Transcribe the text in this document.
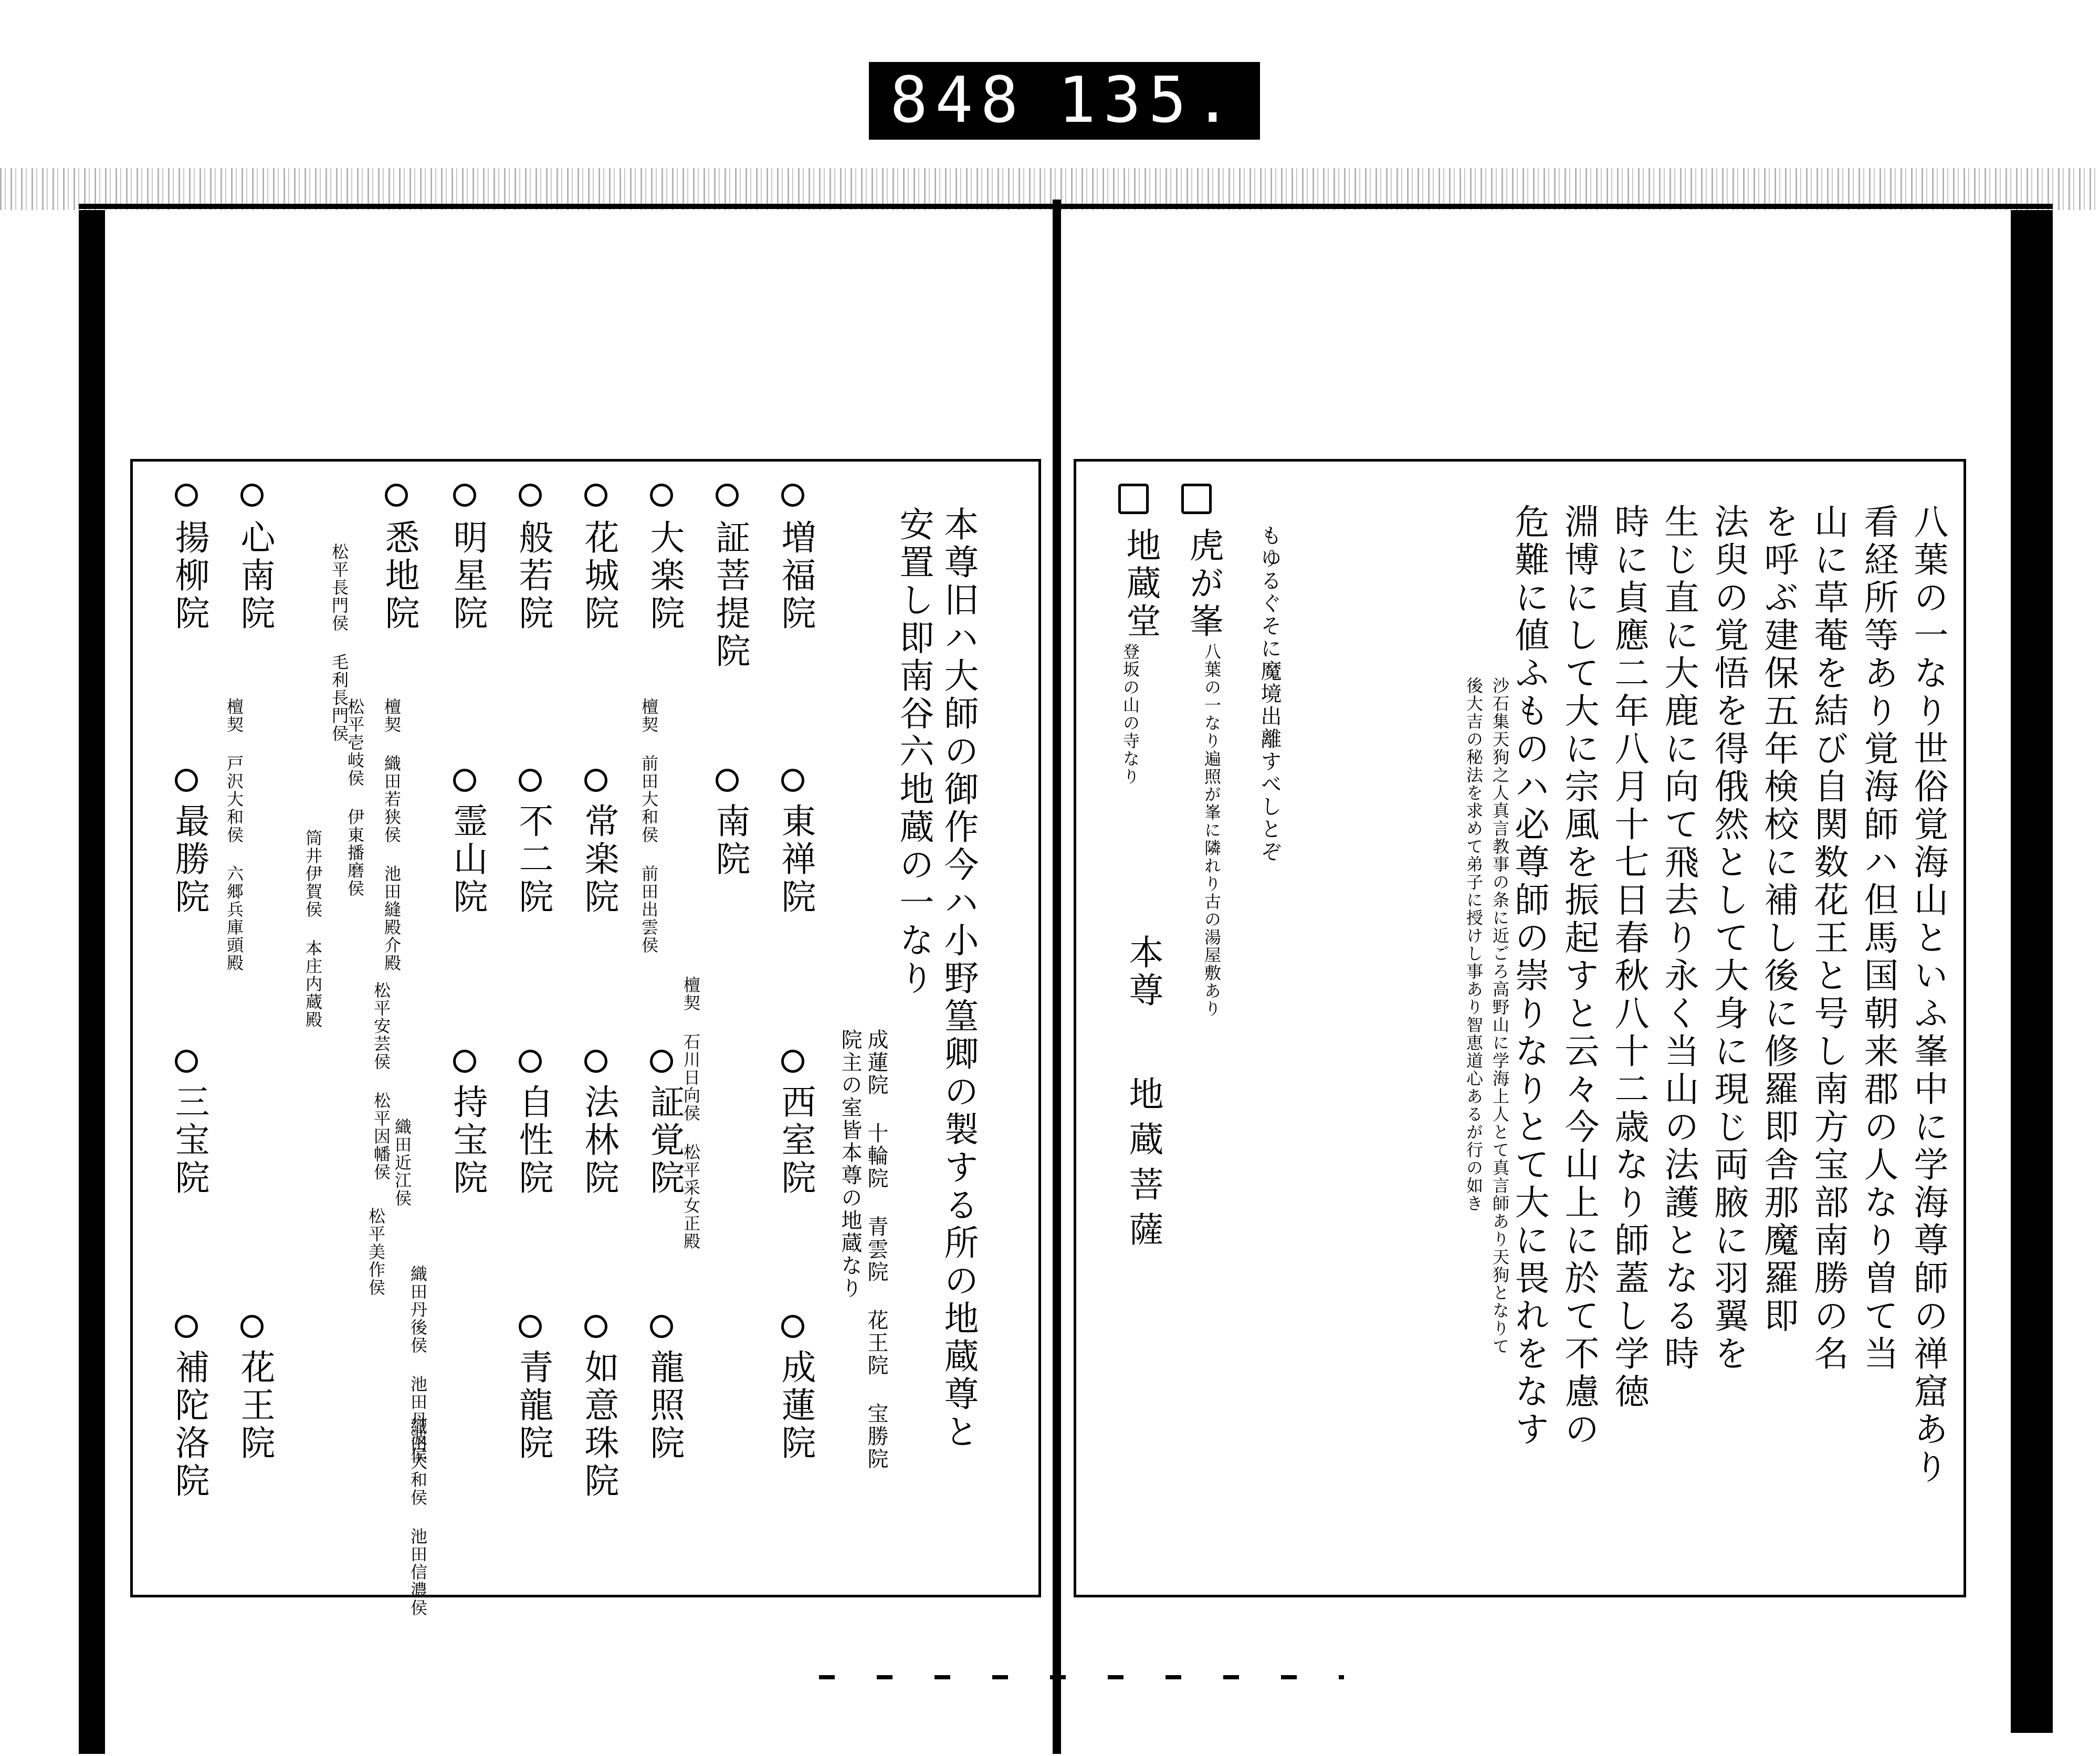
848 135.
本尊旧ハ大師の御作今ハ小野篁卿の製する所の地蔵尊と
安置し即南谷六地蔵の一なり
成蓮院 十輪院 青雲院 花王院 宝勝院
院主の室皆本尊の地蔵なり
増福院
証菩提院
大楽院
花城院
般若院
明星院
悉地院
松平長門侯 毛利長門侯
心南院
揚柳院
東禅院
南院
檀契 前田大和侯 前田出雲侯
常楽院
不二院
霊山院
檀契 織田若狭侯 池田縫殿介殿
松平壱岐侯 伊東播磨侯
筒井伊賀侯 本庄内蔵殿
最勝院 檀契 戸沢大和侯 六郷兵庫頭殿
西室院
檀契 石川日向侯 松平采女正殿
証覚院
法林院
自性院
持宝院
松平安芸侯 松平因幡侯 織田近江侯
三宝院
成蓮院
龍照院
如意珠院
青龍院
織田丹後侯 池田丹波侯
松平美作侯
織田大和侯 池田信濃侯
花王院
補陀洛院	八葉の一なり世俗覚海山といふ峯中に学海尊師の禅窟あり
看経所等あり覚海師ハ但馬国朝来郡の人なり曽て当
山に草菴を結び自関数花王と号し南方宝部南勝の名
を呼ぶ建保五年検校に補し後に修羅即舎那魔羅即
法臾の覚悟を得俄然として大身に現じ両腋に羽翼を
生じ直に大鹿に向て飛去り永く当山の法護となる時
時に貞應二年八月十七日春秋八十二歳なり師蓋し学徳
淵博にして大に宗風を振起すと云々今山上に於て不慮の
危難に値ふものハ必尊師の崇りなりとて大に畏れをなす
沙石集天狗之人真言教事の条に近ごろ高野山に学海上人とて真言師あり天狗となりて
後大吉の秘法を求めて弟子に授けし事あり智恵道心あるが行の如き
もゆるぐそに魔境出離すべしとぞ
虎が峯
八葉の一なり遍照が峯に隣れり古の湯屋敷あり
地蔵堂
登坂の山の寺なり
本尊
地蔵菩薩
